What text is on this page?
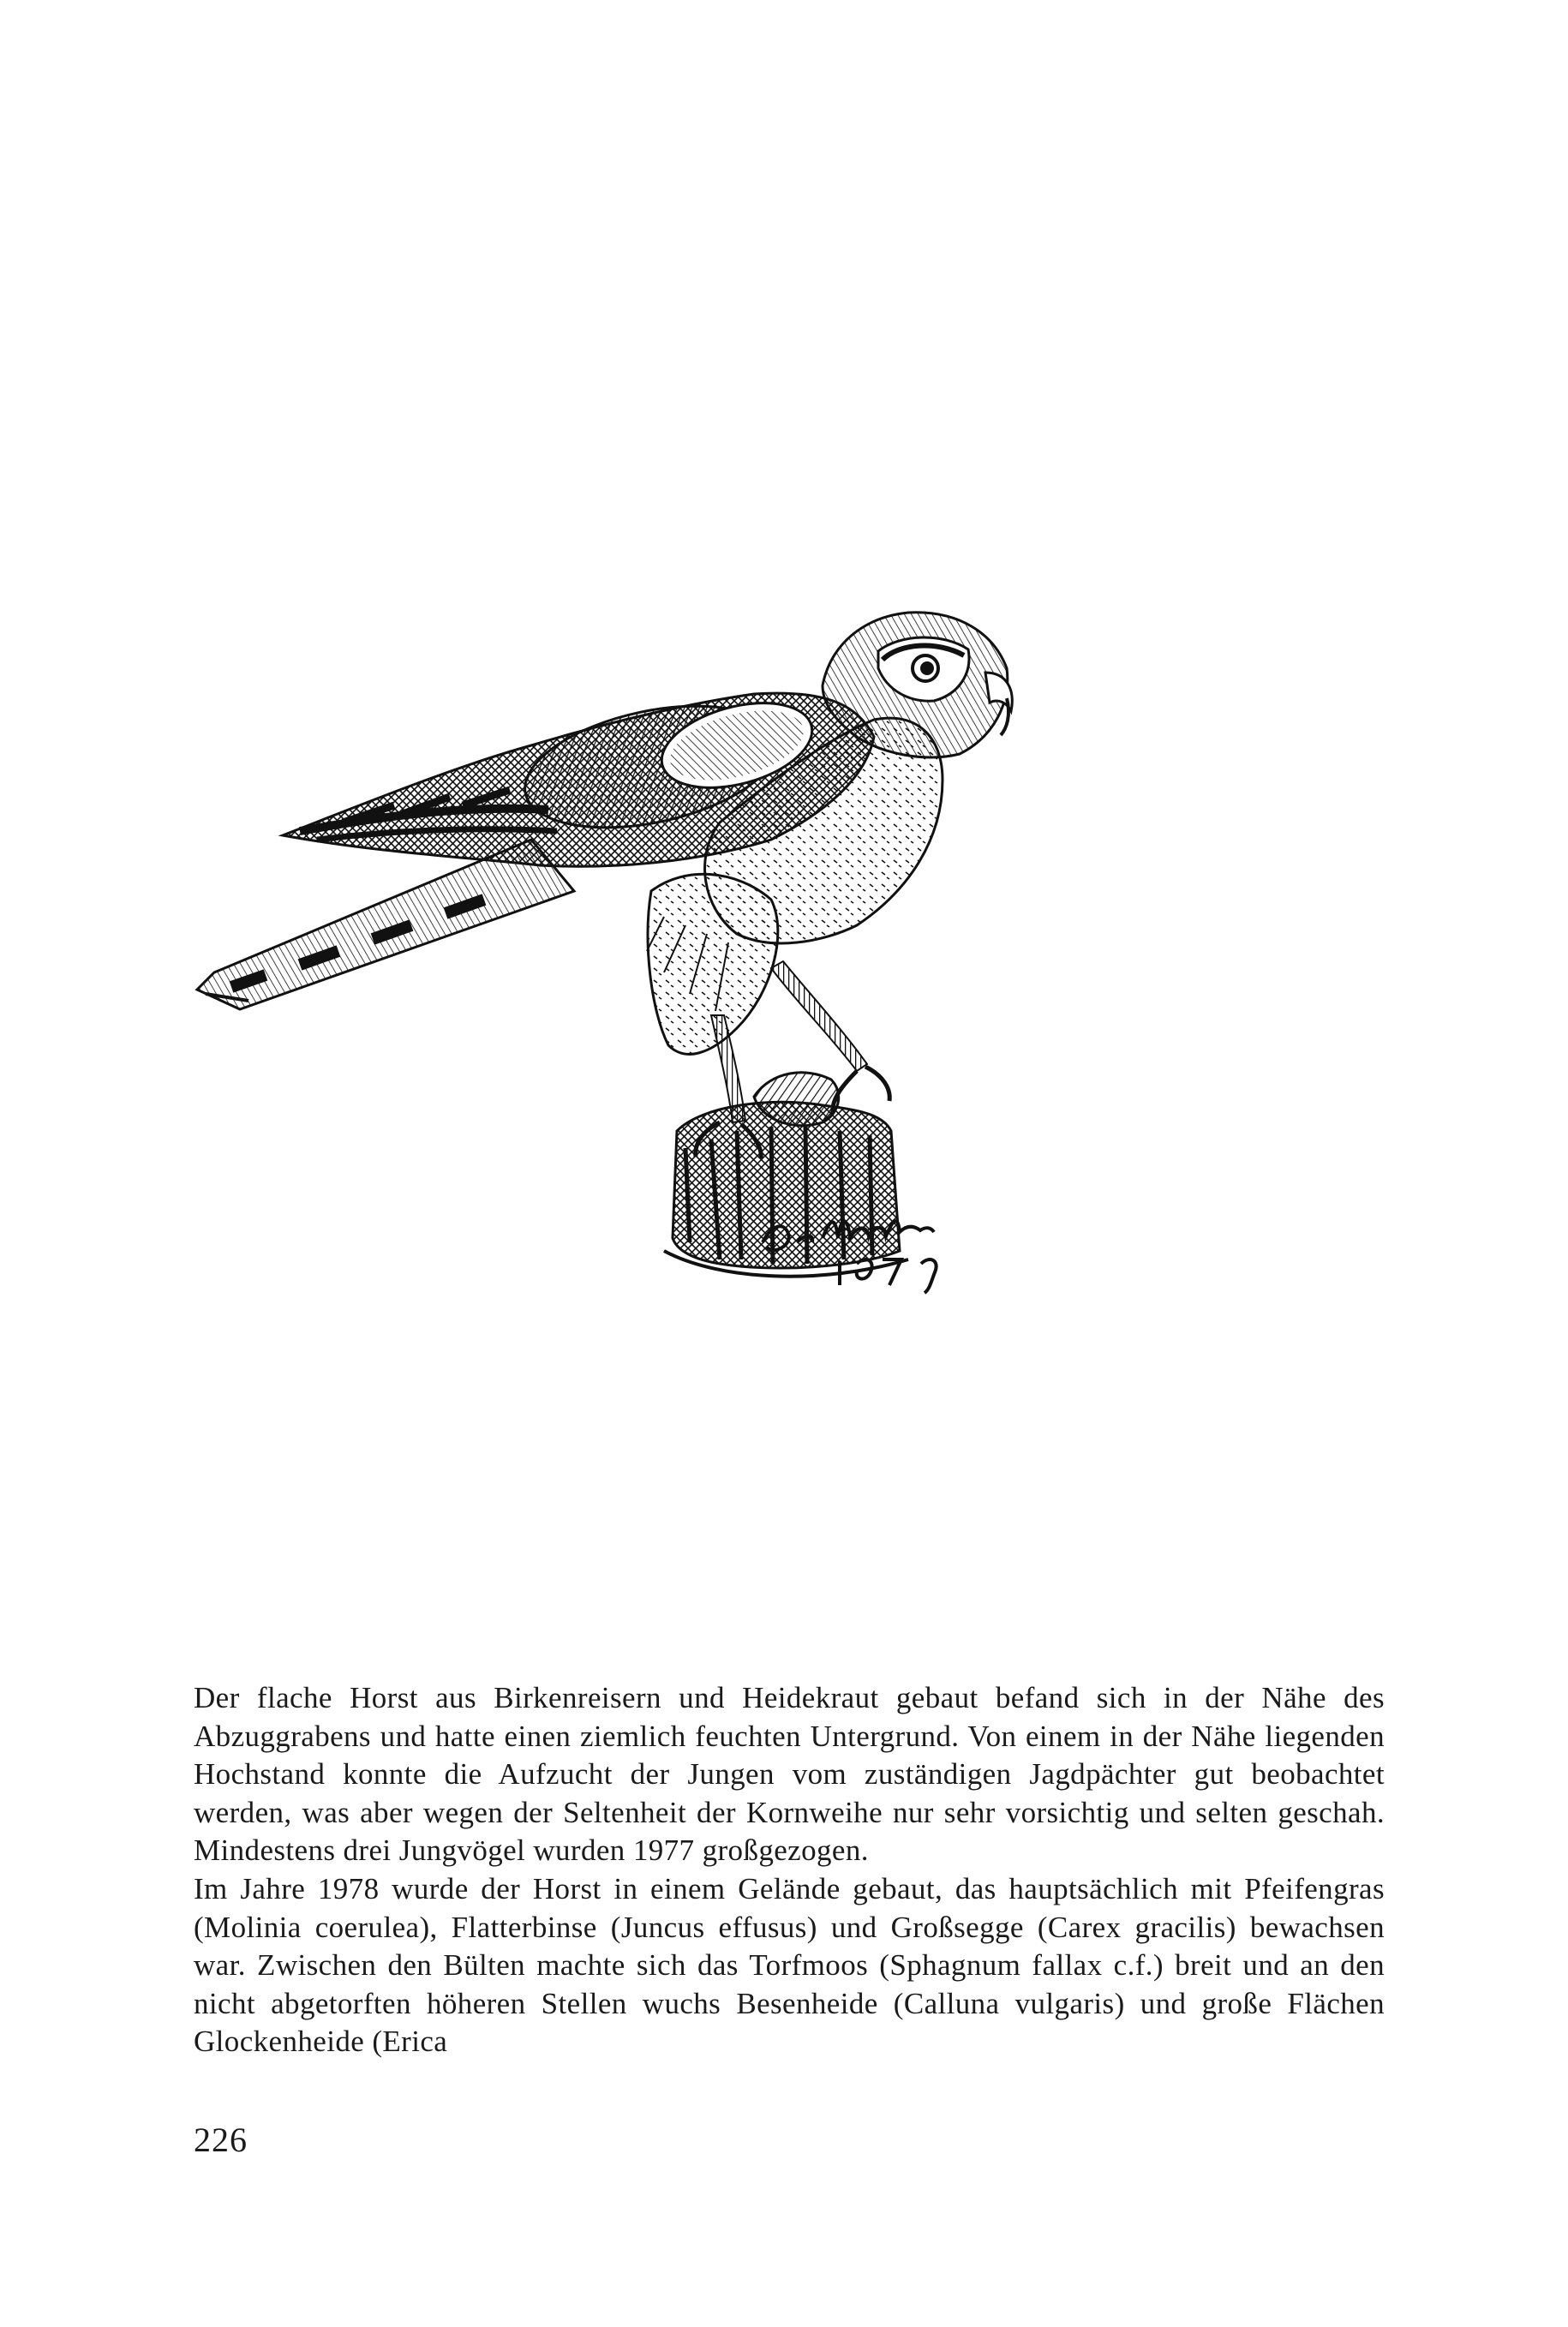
Der flache Horst aus Birkenreisern und Heidekraut gebaut befand sich in der Nähe des Abzuggrabens und hatte einen ziemlich feuchten Untergrund. Von einem in der Nähe liegenden Hochstand konnte die Aufzucht der Jungen vom zuständigen Jagdpächter gut beobachtet werden, was aber wegen der Seltenheit der Kornweihe nur sehr vorsichtig und selten geschah. Mindestens drei Jungvögel wurden 1977 großgezogen.

Im Jahre 1978 wurde der Horst in einem Gelände gebaut, das hauptsächlich mit Pfeifengras (Molinia coerulea), Flatterbinse (Juncus effusus) und Großsegge (Carex gracilis) bewachsen war. Zwischen den Bülten machte sich das Torfmoos (Sphagnum fallax c.f.) breit und an den nicht abgetorften höheren Stellen wuchs Besenheide (Calluna vulgaris) und große Flächen Glockenheide (Erica

226
